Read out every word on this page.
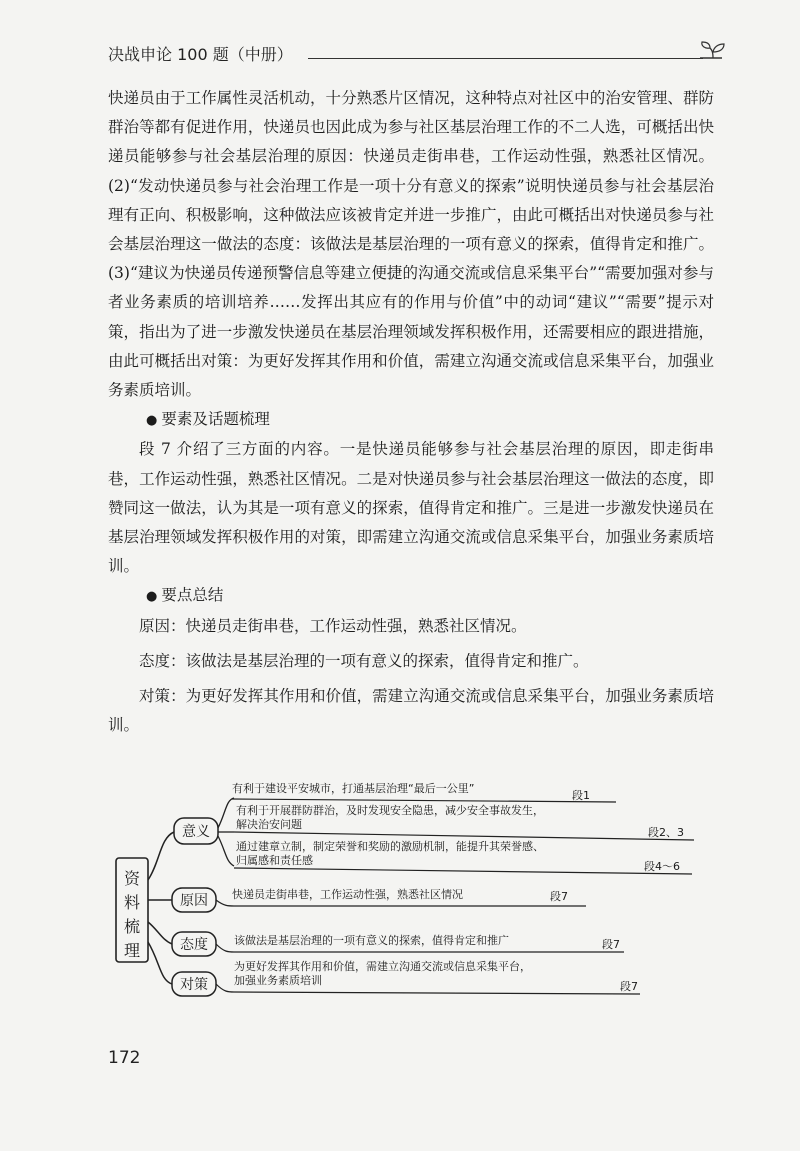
决战申论 100 题（中册）

快递员由于工作属性灵活机动，十分熟悉片区情况，这种特点对社区中的治安管理、群防群治等都有促进作用，快递员也因此成为参与社区基层治理工作的不二人选，可概括出快递员能够参与社会基层治理的原因：快递员走街串巷，工作运动性强，熟悉社区情况。(2)“发动快递员参与社会治理工作是一项十分有意义的探索”说明快递员参与社会基层治理有正向、积极影响，这种做法应该被肯定并进一步推广，由此可概括出对快递员参与社会基层治理这一做法的态度：该做法是基层治理的一项有意义的探索，值得肯定和推广。(3)“建议为快递员传递预警信息等建立便捷的沟通交流或信息采集平台”“需要加强对参与者业务素质的培训培养……发挥出其应有的作用与价值”中的动词“建议”“需要”提示对策，指出为了进一步激发快递员在基层治理领域发挥积极作用，还需要相应的跟进措施，由此可概括出对策：为更好发挥其作用和价值，需建立沟通交流或信息采集平台，加强业务素质培训。

● 要素及话题梳理

段 7 介绍了三方面的内容。一是快递员能够参与社会基层治理的原因，即走街串巷，工作运动性强，熟悉社区情况。二是对快递员参与社会基层治理这一做法的态度，即赞同这一做法，认为其是一项有意义的探索，值得肯定和推广。三是进一步激发快递员在基层治理领域发挥积极作用的对策，即需建立沟通交流或信息采集平台，加强业务素质培训。

● 要点总结

原因：快递员走街串巷，工作运动性强，熟悉社区情况。

态度：该做法是基层治理的一项有意义的探索，值得肯定和推广。

对策：为更好发挥其作用和价值，需建立沟通交流或信息采集平台，加强业务素质培训。

资
料
梳
理
意义
原因
态度
对策
有利于建设平安城市，打通基层治理“最后一公里”
段1
有利于开展群防群治，及时发现安全隐患，减少安全事故发生，
解决治安问题
段2、3
通过建章立制，制定荣誉和奖励的激励机制，能提升其荣誉感、
归属感和责任感	段4～6
快递员走街串巷，工作运动性强，熟悉社区情况	段7
该做法是基层治理的一项有意义的探索，值得肯定和推广	段7
为更好发挥其作用和价值，需建立沟通交流或信息采集平台，
加强业务素质培训	段7
172
